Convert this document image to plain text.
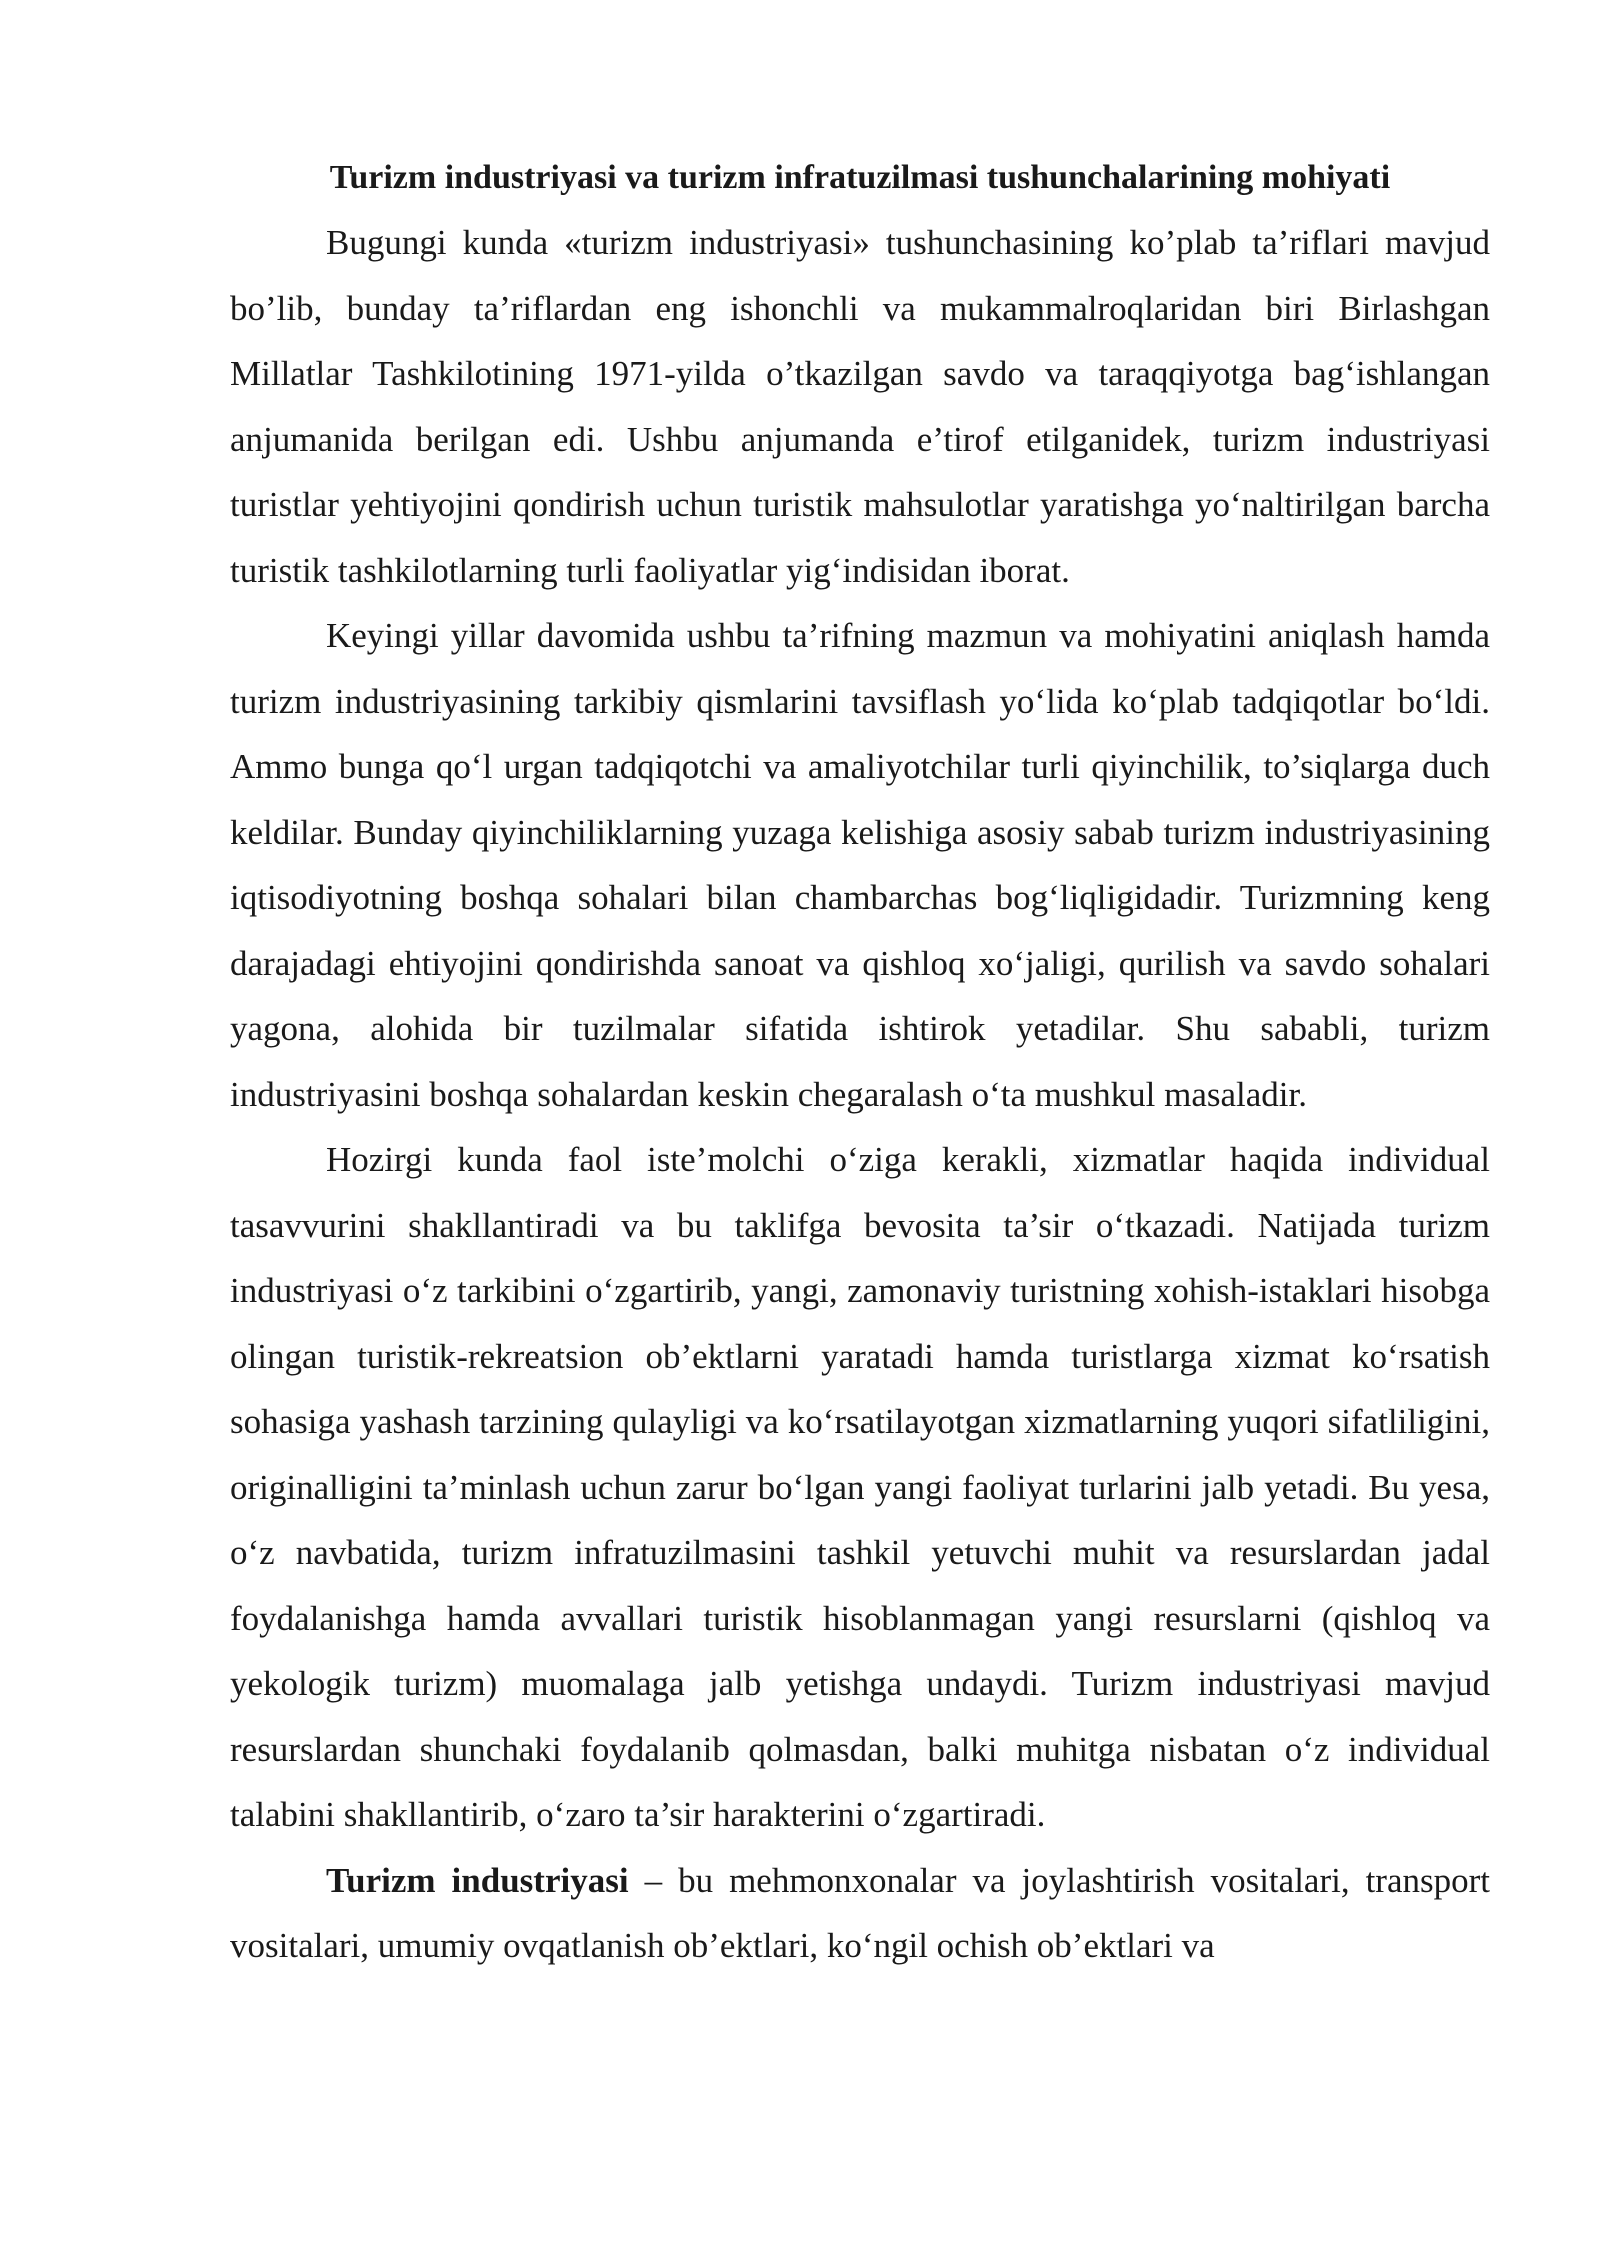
Turizm industriyasi va turizm infratuzilmasi tushunchalarining mohiyati

Bugungi kunda «turizm industriyasi» tushunchasining ko’plab ta’riflari mavjud bo’lib, bunday ta’riflardan eng ishonchli va mukammalroqlaridan biri Birlashgan Millatlar Tashkilotining 1971-yilda o’tkazilgan savdo va taraqqiyotga bag‘ishlangan anjumanida berilgan edi. Ushbu anjumanda e’tirof etilganidek, turizm industriyasi turistlar yehtiyojini qondirish uchun turistik mahsulotlar yaratishga yo‘naltirilgan barcha turistik tashkilotlarning turli faoliyatlar yig‘indisidan iborat.

Keyingi yillar davomida ushbu ta’rifning mazmun va mohiyatini aniqlash hamda turizm industriyasining tarkibiy qismlarini tavsiflash yo‘lida ko‘plab tadqiqotlar bo‘ldi. Ammo bunga qo‘l urgan tadqiqotchi va amaliyotchilar turli qiyinchilik, to’siqlarga duch keldilar. Bunday qiyinchiliklarning yuzaga kelishiga asosiy sabab turizm industriyasining iqtisodiyotning boshqa sohalari bilan chambarchas bog‘liqligidadir. Turizmning keng darajadagi ehtiyojini qondirishda sanoat va qishloq xo‘jaligi, qurilish va savdo sohalari yagona, alohida bir tuzilmalar sifatida ishtirok yetadilar. Shu sababli, turizm industriyasini boshqa sohalardan keskin chegaralash o‘ta mushkul masaladir.

Hozirgi kunda faol iste’molchi o‘ziga kerakli, xizmatlar haqida individual tasavvurini shakllantiradi va bu taklifga bevosita ta’sir o‘tkazadi. Natijada turizm industriyasi o‘z tarkibini o‘zgartirib, yangi, zamonaviy turistning xohish-istaklari hisobga olingan turistik-rekreatsion ob’ektlarni yaratadi hamda turistlarga xizmat ko‘rsatish sohasiga yashash tarzining qulayligi va ko‘rsatilayotgan xizmatlarning yuqori sifatliligini, originalligini ta’minlash uchun zarur bo‘lgan yangi faoliyat turlarini jalb yetadi. Bu yesa, o‘z navbatida, turizm infratuzilmasini tashkil yetuvchi muhit va resurslardan jadal foydalanishga hamda avvallari turistik hisoblanmagan yangi resurslarni (qishloq va yekologik turizm) muomalaga jalb yetishga undaydi. Turizm industriyasi mavjud resurslardan shunchaki foydalanib qolmasdan, balki muhitga nisbatan o‘z individual talabini shakllantirib, o‘zaro ta’sir harakterini o‘zgartiradi.

Turizm industriyasi – bu mehmonxonalar va joylashtirish vositalari, transport vositalari, umumiy ovqatlanish ob’ektlari, ko‘ngil ochish ob’ektlari va
